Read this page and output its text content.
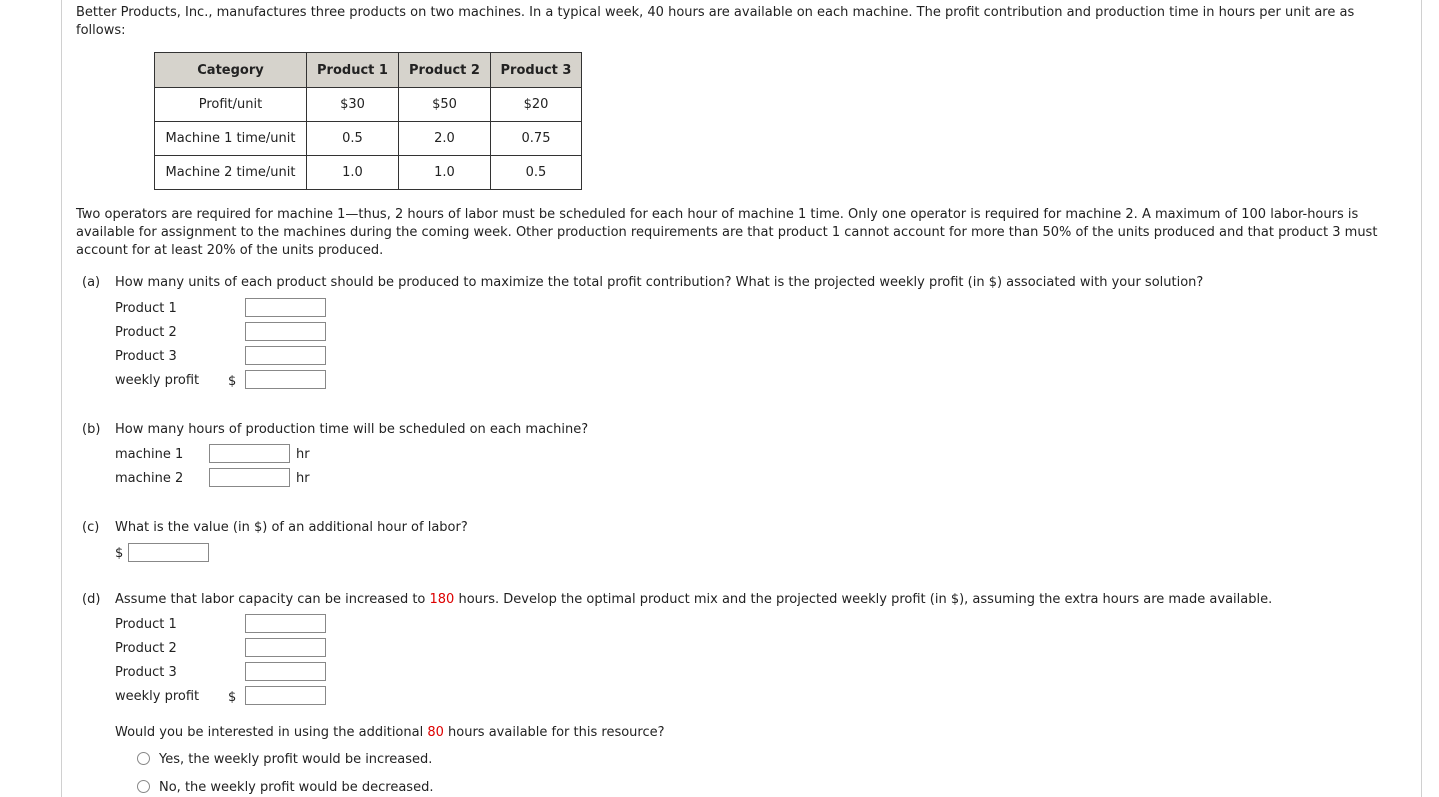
Better Products, Inc., manufactures three products on two machines. In a typical week, 40 hours are available on each machine. The profit contribution and production time in hours per unit are as follows:

Category	Product 1	Product 2	Product 3
Profit/unit	$30	$50	$20
Machine 1 time/unit	0.5	2.0	0.75
Machine 2 time/unit	1.0	1.0	0.5

Two operators are required for machine 1—thus, 2 hours of labor must be scheduled for each hour of machine 1 time. Only one operator is required for machine 2. A maximum of 100 labor-hours is available for assignment to the machines during the coming week. Other production requirements are that product 1 cannot account for more than 50% of the units produced and that product 3 must account for at least 20% of the units produced.

(a) How many units of each product should be produced to maximize the total profit contribution? What is the projected weekly profit (in $) associated with your solution?
Product 1
Product 2
Product 3
weekly profit $
(b) How many hours of production time will be scheduled on each machine?
machine 1	hr
machine 2	hr
(c) What is the value (in $) of an additional hour of labor?
$
(d) Assume that labor capacity can be increased to 180 hours. Develop the optimal product mix and the projected weekly profit (in $), assuming the extra hours are made available.
Product 1
Product 2
Product 3
weekly profit $
Would you be interested in using the additional 80 hours available for this resource?
Yes, the weekly profit would be increased.
No, the weekly profit would be decreased.
